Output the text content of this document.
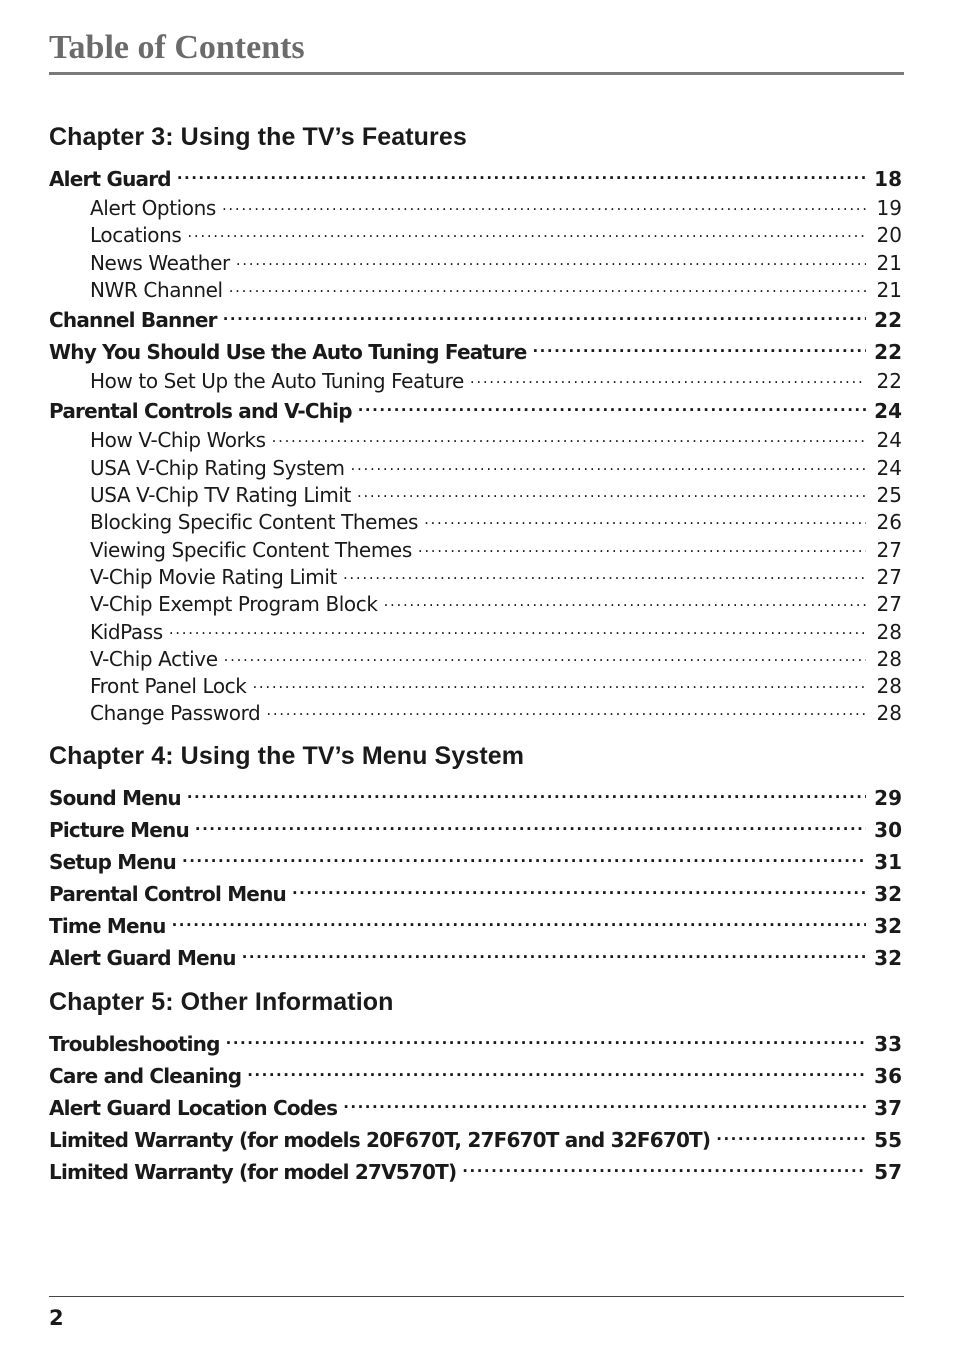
Table of Contents
Chapter 3: Using the TV’s Features
Alert Guard .....	18
Alert Options .....	19
Locations .....	20
News Weather .....	21
NWR Channel .....	21
Channel Banner .....	22
Why You Should Use the Auto Tuning Feature .....	22
How to Set Up the Auto Tuning Feature .....	22
Parental Controls and V-Chip .....	24
How V-Chip Works .....	24
USA V-Chip Rating System .....	24
USA V-Chip TV Rating Limit .....	25
Blocking Specific Content Themes .....	26
Viewing Specific Content Themes .....	27
V-Chip Movie Rating Limit .....	27
V-Chip Exempt Program Block .....	27
KidPass .....	28
V-Chip Active .....	28
Front Panel Lock .....	28
Change Password .....	28
Chapter 4: Using the TV’s Menu System
Sound Menu .....	29
Picture Menu .....	30
Setup Menu .....	31
Parental Control Menu .....	32
Time Menu .....	32
Alert Guard Menu .....	32
Chapter 5: Other Information
Troubleshooting .....	33
Care and Cleaning .....	36
Alert Guard Location Codes .....	37
Limited Warranty (for models 20F670T, 27F670T and 32F670T) .....	55
Limited Warranty (for model 27V570T) .....	57
2
